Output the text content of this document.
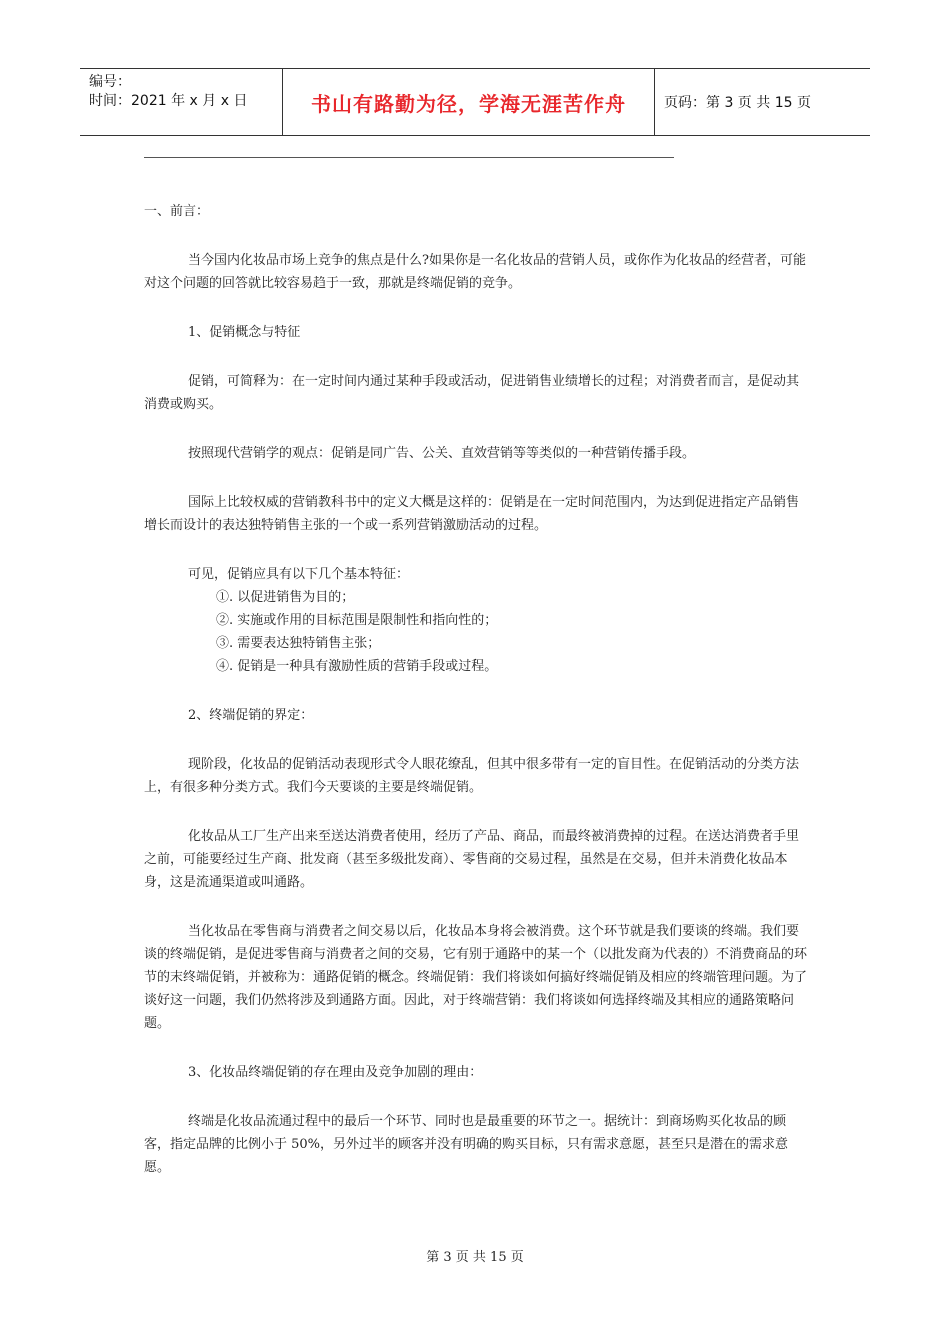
编号：
时间：2021 年 x 月 x 日	书山有路勤为径，学海无涯苦作舟	页码：第 3 页 共 15 页

一、前言：

当今国内化妆品市场上竞争的焦点是什么?如果你是一名化妆品的营销人员，或你作为化妆品的经营者，可能对这个问题的回答就比较容易趋于一致，那就是终端促销的竞争。

1、促销概念与特征

促销，可简释为：在一定时间内通过某种手段或活动，促进销售业绩增长的过程；对消费者而言，是促动其消费或购买。

按照现代营销学的观点：促销是同广告、公关、直效营销等等类似的一种营销传播手段。

国际上比较权威的营销教科书中的定义大概是这样的：促销是在一定时间范围内，为达到促进指定产品销售增长而设计的表达独特销售主张的一个或一系列营销激励活动的过程。

可见，促销应具有以下几个基本特征：

①. 以促进销售为目的；
②. 实施或作用的目标范围是限制性和指向性的；
③. 需要表达独特销售主张；
④. 促销是一种具有激励性质的营销手段或过程。

2、终端促销的界定：

现阶段，化妆品的促销活动表现形式令人眼花缭乱，但其中很多带有一定的盲目性。在促销活动的分类方法上，有很多种分类方式。我们今天要谈的主要是终端促销。

化妆品从工厂生产出来至送达消费者使用，经历了产品、商品，而最终被消费掉的过程。在送达消费者手里之前，可能要经过生产商、批发商（甚至多级批发商）、零售商的交易过程，虽然是在交易，但并未消费化妆品本身，这是流通渠道或叫通路。

当化妆品在零售商与消费者之间交易以后，化妆品本身将会被消费。这个环节就是我们要谈的终端。我们要谈的终端促销，是促进零售商与消费者之间的交易，它有别于通路中的某一个（以批发商为代表的）不消费商品的环节的末终端促销，并被称为：通路促销的概念。终端促销：我们将谈如何搞好终端促销及相应的终端管理问题。为了谈好这一问题，我们仍然将涉及到通路方面。因此，对于终端营销：我们将谈如何选择终端及其相应的通路策略问题。

3、化妆品终端促销的存在理由及竞争加剧的理由：

终端是化妆品流通过程中的最后一个环节、同时也是最重要的环节之一。据统计：到商场购买化妆品的顾客，指定品牌的比例小于 50%，另外过半的顾客并没有明确的购买目标，只有需求意愿，甚至只是潜在的需求意愿。

第 3 页 共 15 页
